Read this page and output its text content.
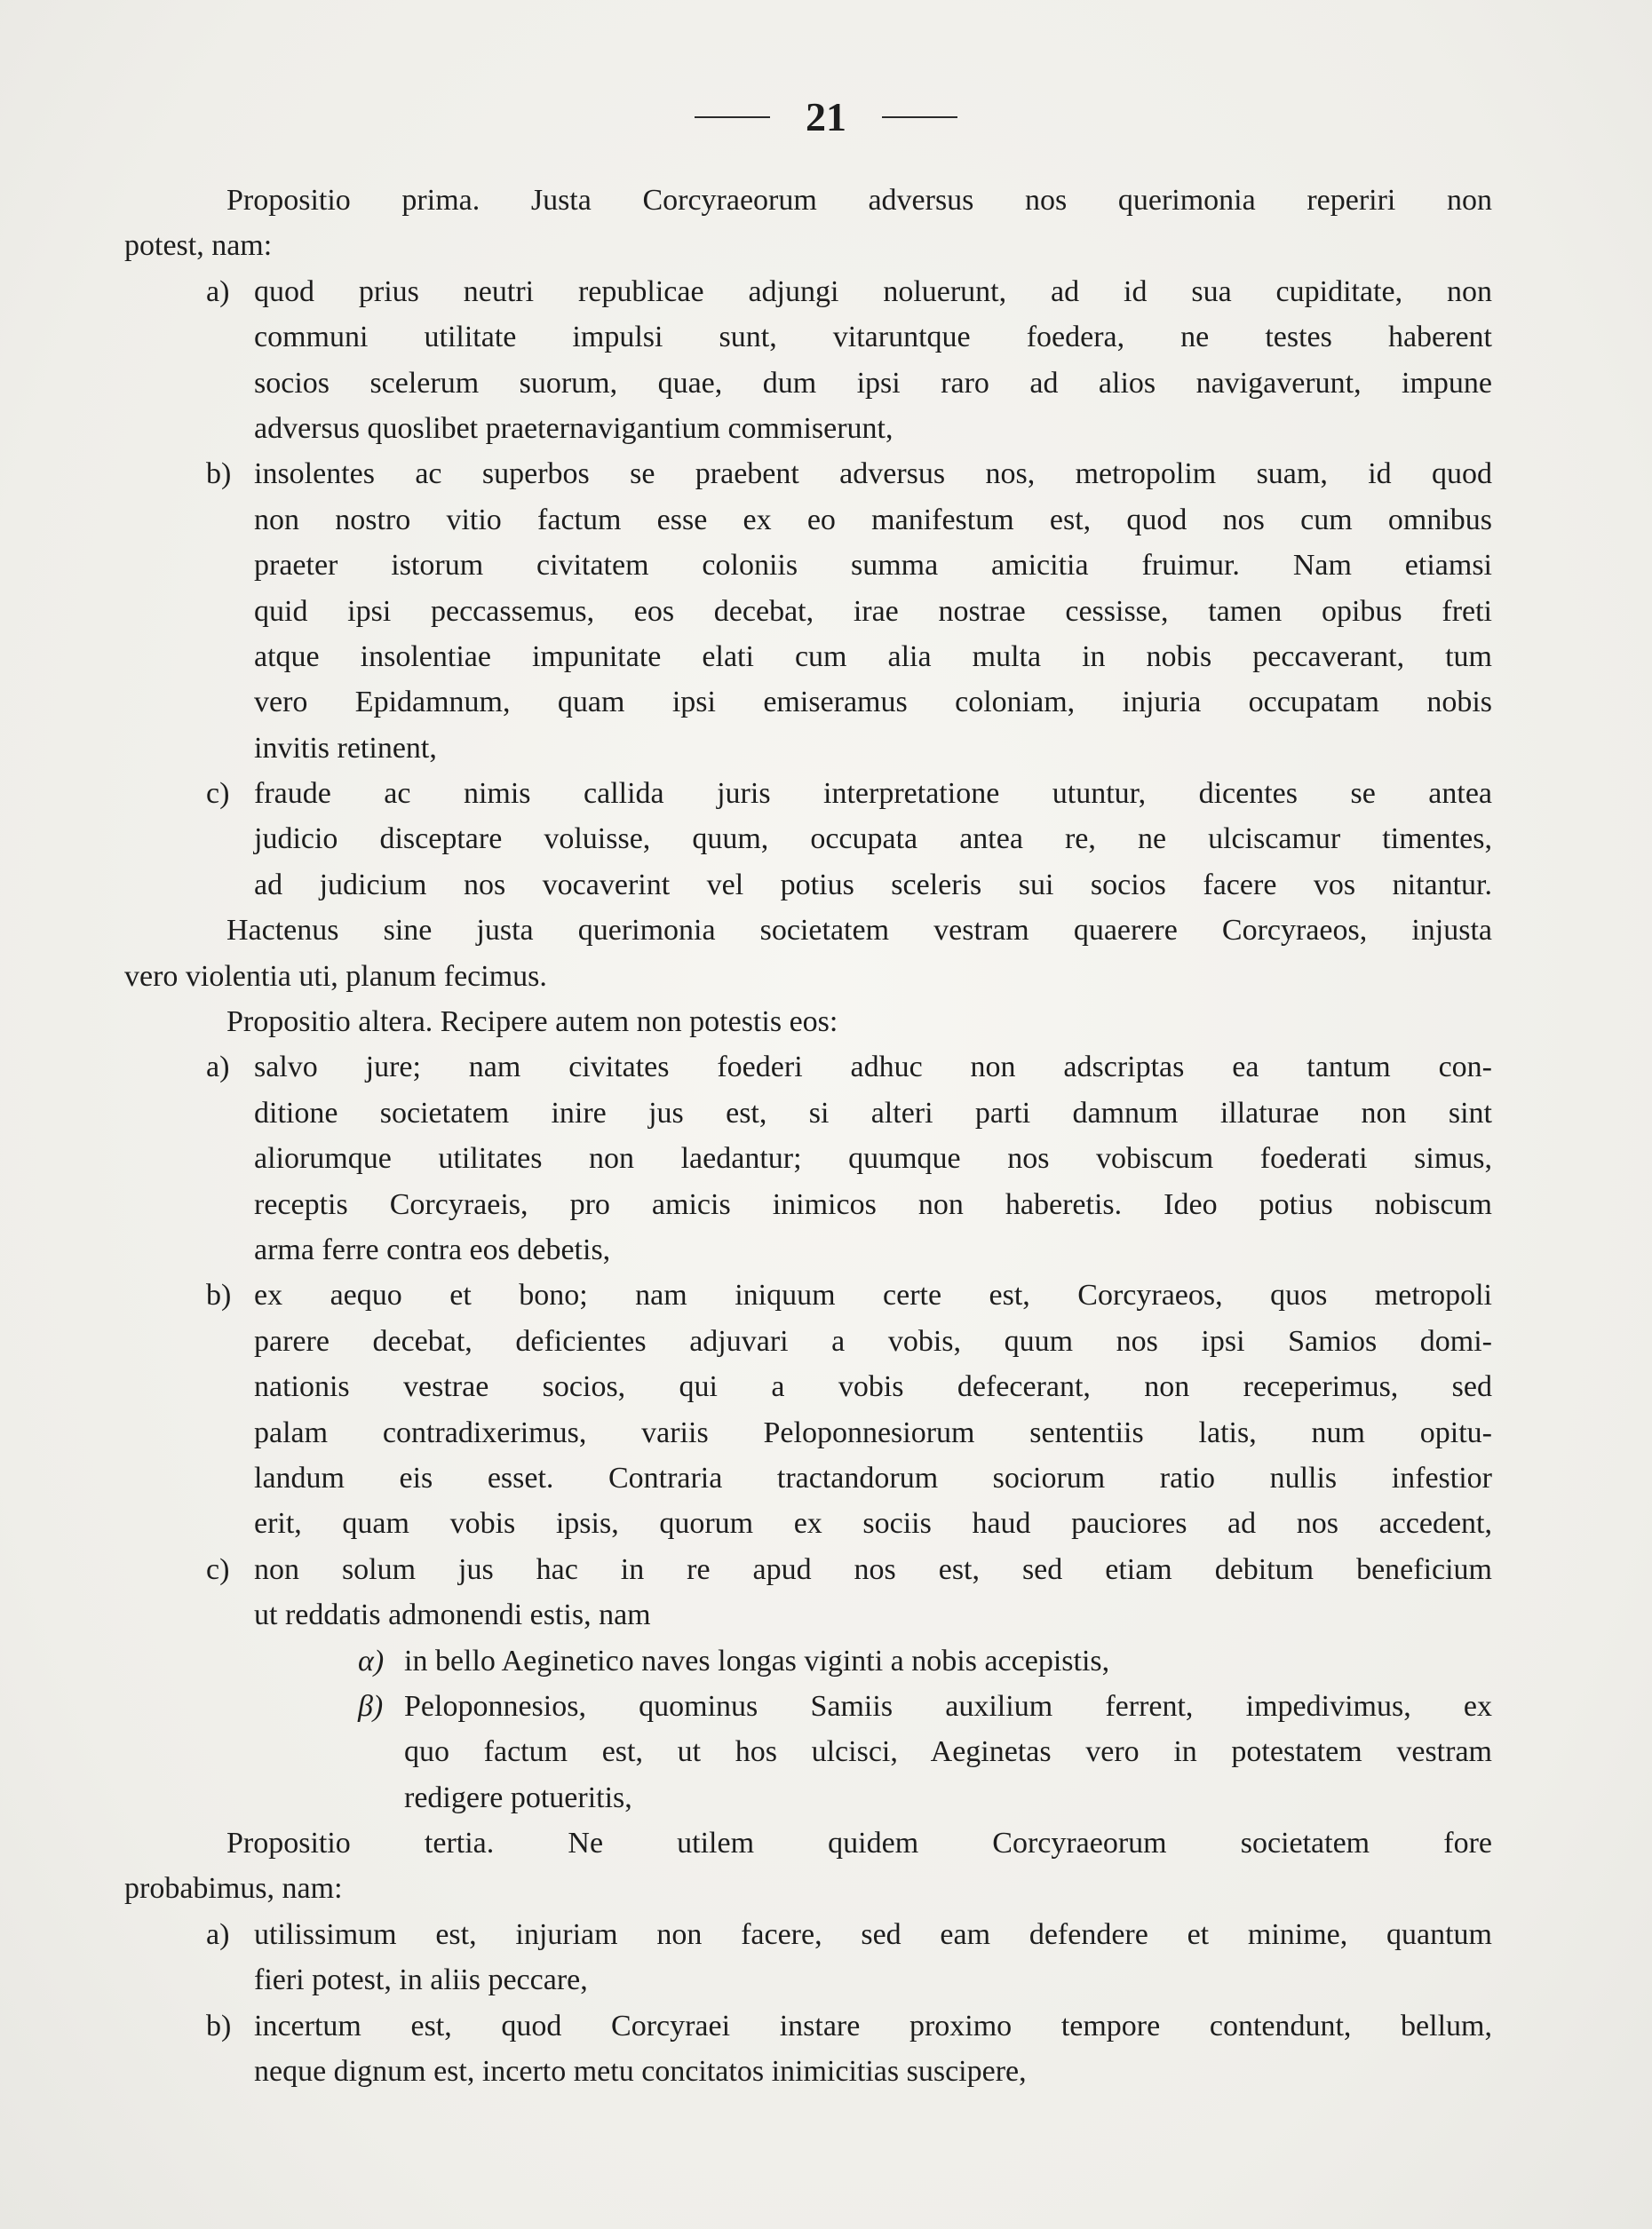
21
Propositio prima. Justa Corcyraeorum adversus nos querimonia reperiri non
potest, nam:
a) quod prius neutri republicae adjungi noluerunt, ad id sua cupiditate, non
communi utilitate impulsi sunt, vitaruntque foedera, ne testes haberent
socios scelerum suorum, quae, dum ipsi raro ad alios navigaverunt, impune
adversus quoslibet praeternavigantium commiserunt,
b) insolentes ac superbos se praebent adversus nos, metropolim suam, id quod
non nostro vitio factum esse ex eo manifestum est, quod nos cum omnibus
praeter istorum civitatem coloniis summa amicitia fruimur. Nam etiamsi
quid ipsi peccassemus, eos decebat, irae nostrae cessisse, tamen opibus freti
atque insolentiae impunitate elati cum alia multa in nobis peccaverant, tum
vero Epidamnum, quam ipsi emiseramus coloniam, injuria occupatam nobis
invitis retinent,
c) fraude ac nimis callida juris interpretatione utuntur, dicentes se antea
judicio disceptare voluisse, quum, occupata antea re, ne ulciscamur timentes,
ad judicium nos vocaverint vel potius sceleris sui socios facere vos nitantur.
Hactenus sine justa querimonia societatem vestram quaerere Corcyraeos, injusta
vero violentia uti, planum fecimus.
Propositio altera. Recipere autem non potestis eos:
a) salvo jure; nam civitates foederi adhuc non adscriptas ea tantum con-
ditione societatem inire jus est, si alteri parti damnum illaturae non sint
aliorumque utilitates non laedantur; quumque nos vobiscum foederati simus,
receptis Corcyraeis, pro amicis inimicos non haberetis. Ideo potius nobiscum
arma ferre contra eos debetis,
b) ex aequo et bono; nam iniquum certe est, Corcyraeos, quos metropoli
parere decebat, deficientes adjuvari a vobis, quum nos ipsi Samios domi-
nationis vestrae socios, qui a vobis defecerant, non receperimus, sed
palam contradixerimus, variis Peloponnesiorum sententiis latis, num opitu-
landum eis esset. Contraria tractandorum sociorum ratio nullis infestior
erit, quam vobis ipsis, quorum ex sociis haud pauciores ad nos accedent,
c) non solum jus hac in re apud nos est, sed etiam debitum beneficium
ut reddatis admonendi estis, nam
α) in bello Aeginetico naves longas viginti a nobis accepistis,
β) Peloponnesios, quominus Samiis auxilium ferrent, impedivimus, ex
quo factum est, ut hos ulcisci, Aeginetas vero in potestatem vestram
redigere potueritis,
Propositio tertia. Ne utilem quidem Corcyraeorum societatem fore
probabimus, nam:
a) utilissimum est, injuriam non facere, sed eam defendere et minime, quantum
fieri potest, in aliis peccare,
b) incertum est, quod Corcyraei instare proximo tempore contendunt, bellum,
neque dignum est, incerto metu concitatos inimicitias suscipere,
